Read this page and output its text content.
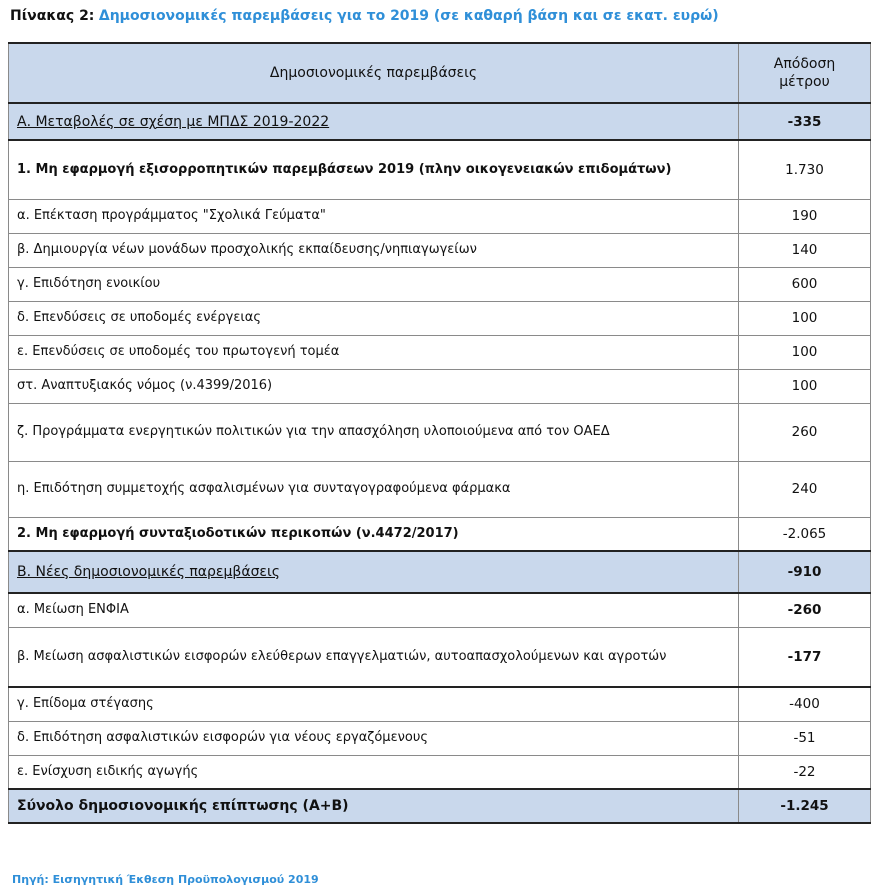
Πίνακας 2: Δημοσιονομικές παρεμβάσεις για το 2019 (σε καθαρή βάση και σε εκατ. ευρώ)
Δημοσιονομικές παρεμβάσεις	Απόδοση μέτρου
Α. Μεταβολές σε σχέση με ΜΠΔΣ 2019-2022	-335
1. Μη εφαρμογή εξισορροπητικών παρεμβάσεων 2019 (πλην οικογενειακών επιδομάτων)	1.730
α. Επέκταση προγράμματος "Σχολικά Γεύματα"	190
β. Δημιουργία νέων μονάδων προσχολικής εκπαίδευσης/νηπιαγωγείων	140
γ. Επιδότηση ενοικίου	600
δ. Επενδύσεις σε υποδομές ενέργειας	100
ε. Επενδύσεις σε υποδομές του πρωτογενή τομέα	100
στ. Αναπτυξιακός νόμος (ν.4399/2016)	100
ζ. Προγράμματα ενεργητικών πολιτικών για την απασχόληση υλοποιούμενα από τον ΟΑΕΔ	260
η. Επιδότηση συμμετοχής ασφαλισμένων για συνταγογραφούμενα φάρμακα	240
2. Μη εφαρμογή συνταξιοδοτικών περικοπών (ν.4472/2017)	-2.065
Β. Νέες δημοσιονομικές παρεμβάσεις	-910
α. Μείωση ΕΝΦΙΑ	-260
β. Μείωση ασφαλιστικών εισφορών ελεύθερων επαγγελματιών, αυτοαπασχολούμενων και αγροτών	-177
γ. Επίδομα στέγασης	-400
δ. Επιδότηση ασφαλιστικών εισφορών για νέους εργαζόμενους	-51
ε. Ενίσχυση ειδικής αγωγής	-22
Σύνολο δημοσιονομικής επίπτωσης (Α+Β)	-1.245
Πηγή: Εισηγητική Έκθεση Προϋπολογισμού 2019
